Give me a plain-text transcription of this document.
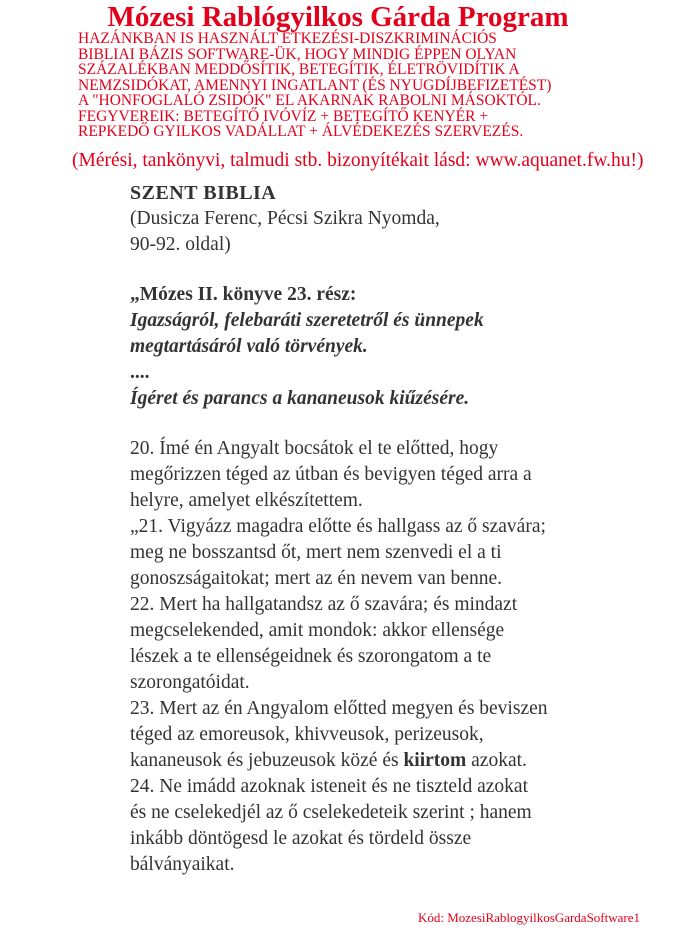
Mózesi Rablógyilkos Gárda Program
HAZÁNKBAN IS HASZNÁLT ÉTKEZÉSI-DISZKRIMINÁCIÓS
BIBLIAI BÁZIS SOFTWARE-ÜK, HOGY MINDIG ÉPPEN OLYAN
SZÁZALÉKBAN MEDDŐSÍTIK, BETEGÍTIK, ÉLETRÖVIDÍTIK A
NEMZSIDÓKAT, AMENNYI INGATLANT (ÉS NYUGDÍJBEFIZETÉST)
A "HONFOGLALÓ ZSIDÓK" EL AKARNAK RABOLNI MÁSOKTÓL.
FEGYVEREIK: BETEGÍTŐ IVÓVÍZ + BETEGÍTŐ KENYÉR +
REPKEDŐ GYILKOS VADÁLLAT + ÁLVÉDEKEZÉS SZERVEZÉS.
(Mérési, tankönyvi, talmudi stb. bizonyítékait lásd: www.aquanet.fw.hu!)

SZENT BIBLIA

(Dusicza Ferenc, Pécsi Szikra Nyomda,

90-92. oldal)

„Mózes II. könyve 23. rész:

Igazságról, felebaráti szeretetről és ünnepek

megtartásáról való törvények.

....

Ígéret és parancs a kananeusok kiűzésére.

20. Ímé én Angyalt bocsátok el te előtted, hogy

megőrizzen téged az útban és bevigyen téged arra a

helyre, amelyet elkészítettem.

„21. Vigyázz magadra előtte és hallgass az ő szavára;

meg ne bosszantsd őt, mert nem szenvedi el a ti

gonoszságaitokat; mert az én nevem van benne.

22. Mert ha hallgatandsz az ő szavára; és mindazt

megcselekended, amit mondok: akkor ellensége

lészek a te ellenségeidnek és szorongatom a te

szorongatóidat.

23. Mert az én Angyalom előtted megyen és beviszen

téged az emoreusok, khivveusok, perizeusok,

kananeusok és jebuzeusok közé és kiirtom azokat.

24. Ne imádd azoknak isteneit és ne tiszteld azokat

és ne cselekedjél az ő cselekedeteik szerint ; hanem

inkább döntögesd le azokat és tördeld össze

bálványaikat.

Kód: MozesiRablogyilkosGardaSoftware1
